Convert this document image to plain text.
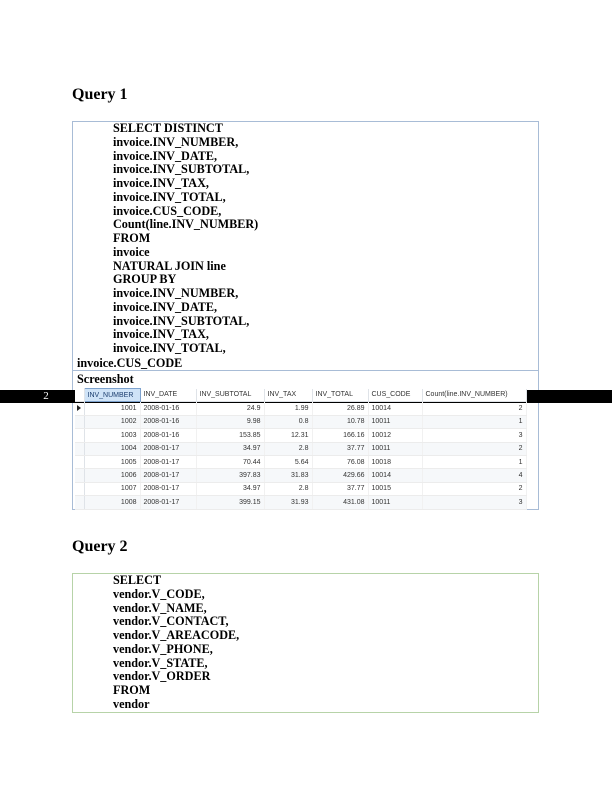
Query 1
SELECT DISTINCT
invoice.INV_NUMBER,
invoice.INV_DATE,
invoice.INV_SUBTOTAL,
invoice.INV_TAX,
invoice.INV_TOTAL,
invoice.CUS_CODE,
Count(line.INV_NUMBER)
FROM
invoice
NATURAL JOIN line
GROUP BY
invoice.INV_NUMBER,
invoice.INV_DATE,
invoice.INV_SUBTOTAL,
invoice.INV_TAX,
invoice.INV_TOTAL,
invoice.CUS_CODE
Screenshot
2
		INV_NUMBER	INV_DATE	INV_SUBTOTAL	INV_TAX	INV_TOTAL	CUS_CODE	Count(line.INV_NUMBER)
	1001	2008-01-16	24.9	1.99	26.89	10014	2
	1002	2008-01-16	9.98	0.8	10.78	10011	1
	1003	2008-01-16	153.85	12.31	166.16	10012	3
	1004	2008-01-17	34.97	2.8	37.77	10011	2
	1005	2008-01-17	70.44	5.64	76.08	10018	1
	1006	2008-01-17	397.83	31.83	429.66	10014	4
	1007	2008-01-17	34.97	2.8	37.77	10015	2
	1008	2008-01-17	399.15	31.93	431.08	10011	3
Query 2
SELECT
vendor.V_CODE,
vendor.V_NAME,
vendor.V_CONTACT,
vendor.V_AREACODE,
vendor.V_PHONE,
vendor.V_STATE,
vendor.V_ORDER
FROM
vendor
